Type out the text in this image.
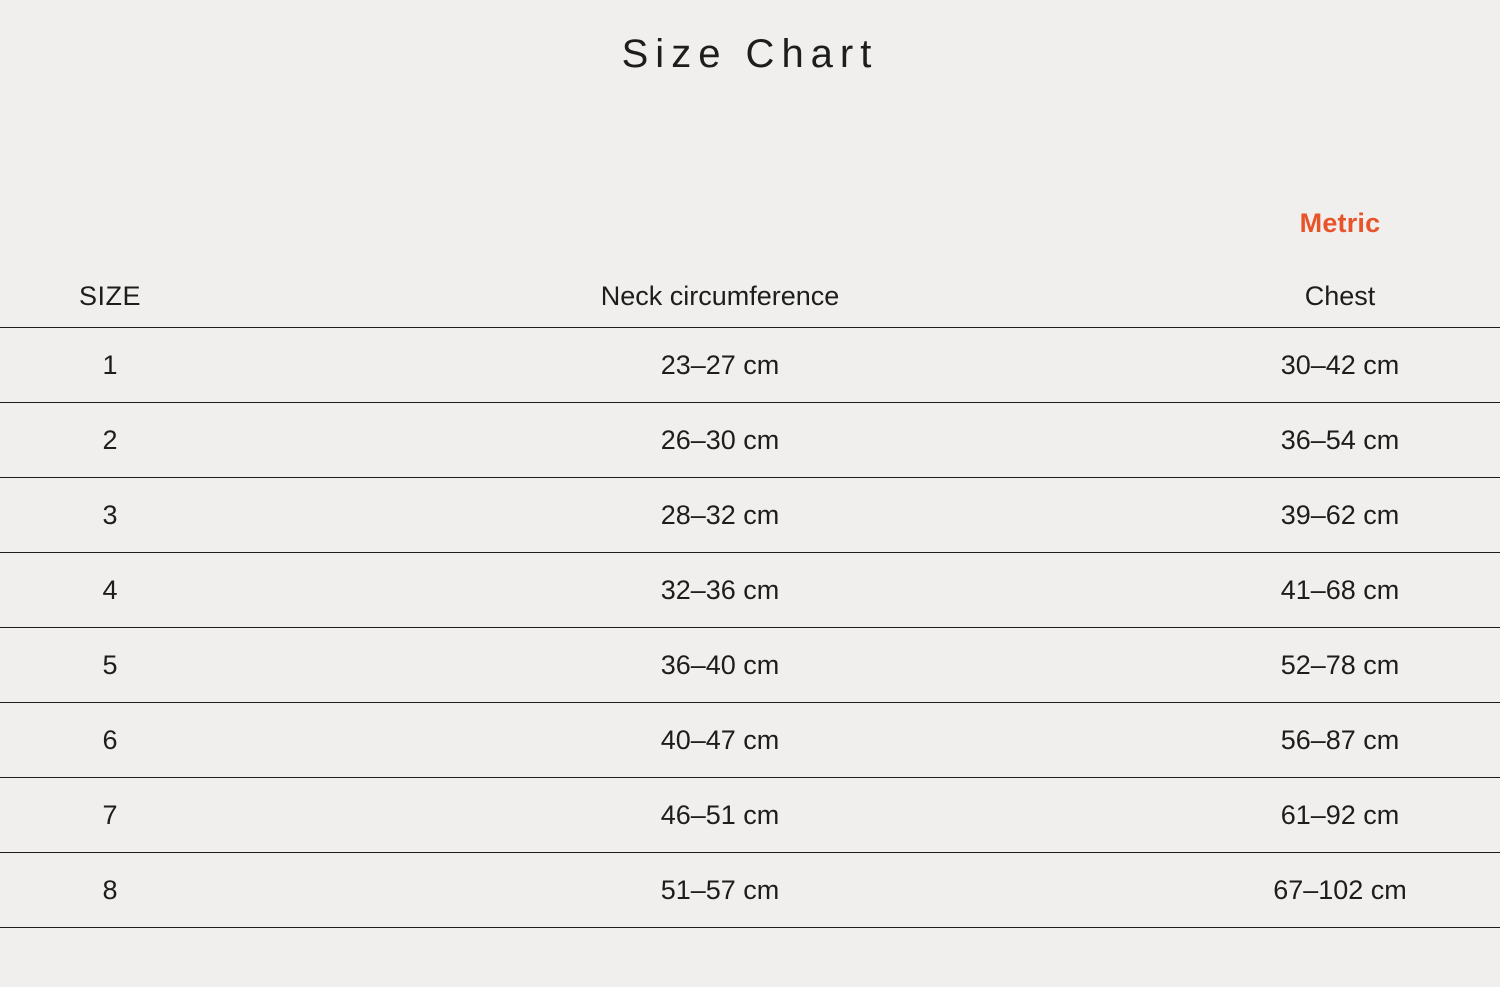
Size Chart
Metric
SIZE	Neck circumference	Chest
1	23–27 cm	30–42 cm
2	26–30 cm	36–54 cm
3	28–32 cm	39–62 cm
4	32–36 cm	41–68 cm
5	36–40 cm	52–78 cm
6	40–47 cm	56–87 cm
7	46–51 cm	61–92 cm
8	51–57 cm	67–102 cm
